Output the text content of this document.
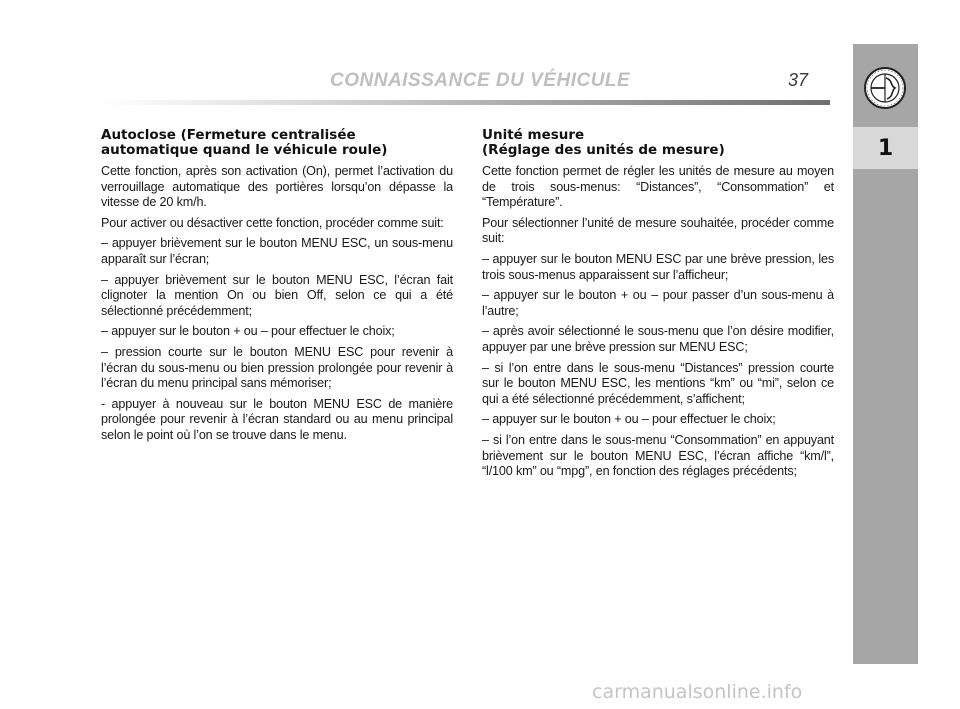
CONNAISSANCE DU VÉHICULE	37
1
Autoclose (Fermeture centralisée
automatique quand le véhicule roule)

Cette fonction, après son activation (On), permet l’activation du verrouillage automatique des portières lorsqu’on dépasse la vitesse de 20 km/h.

Pour activer ou désactiver cette fonction, procéder comme suit:

– appuyer brièvement sur le bouton MENU ESC, un sous-menu apparaît sur l’écran;

– appuyer brièvement sur le bouton MENU ESC, l’écran fait clignoter la mention On ou bien Off, selon ce qui a été sélectionné précédemment;

– appuyer sur le bouton + ou – pour effectuer le choix;

– pression courte sur le bouton MENU ESC pour revenir à l’écran du sous-menu ou bien pression prolongée pour revenir à l’écran du menu principal sans mémoriser;

- appuyer à nouveau sur le bouton MENU ESC de manière prolongée pour revenir à l’écran standard ou au menu principal selon le point où l’on se trouve dans le menu.

Unité mesure
(Réglage des unités de mesure)

Cette fonction permet de régler les unités de mesure au moyen de trois sous-menus: “Distances”, “Consommation” et “Température”.

Pour sélectionner l’unité de mesure souhaitée, procéder comme suit:

– appuyer sur le bouton MENU ESC par une brève pression, les trois sous-menus apparaissent sur l’afficheur;

– appuyer sur le bouton + ou – pour passer d’un sous-menu à l’autre;

– après avoir sélectionné le sous-menu que l’on désire modifier, appuyer par une brève pression sur MENU ESC;

– si l’on entre dans le sous-menu “Distances” pression courte sur le bouton MENU ESC, les mentions “km” ou “mi”, selon ce qui a été sélectionné précédemment, s’affichent;

– appuyer sur le bouton + ou – pour effectuer le choix;

– si l’on entre dans le sous-menu “Consommation” en appuyant brièvement sur le bouton MENU ESC, l’écran affiche “km/l”, “l/100 km” ou “mpg”, en fonction des réglages précédents;

carmanualsonline.info
